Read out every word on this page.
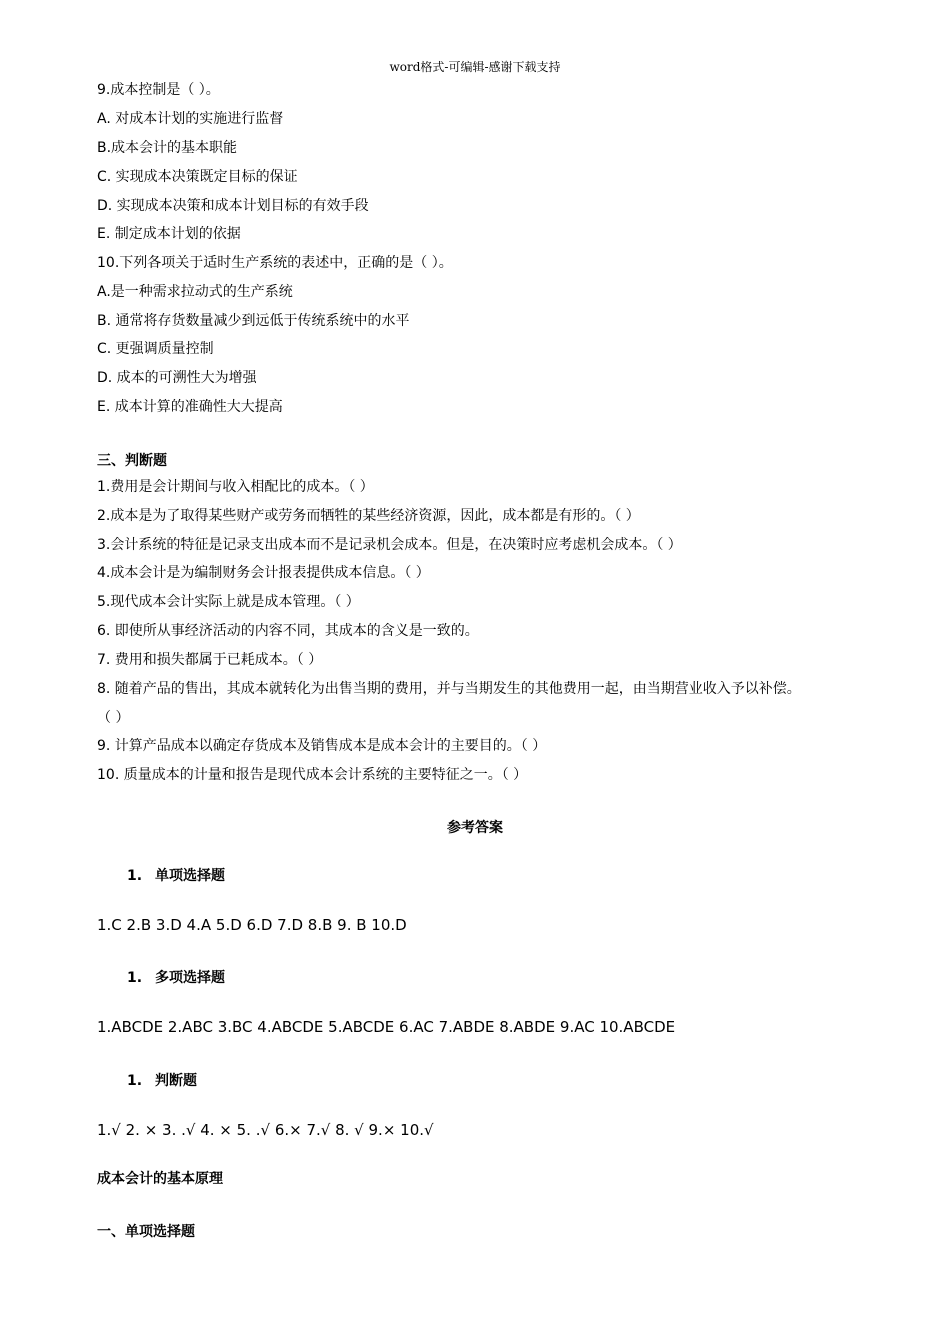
word格式-可编辑-感谢下载支持
9.成本控制是（ ）。
A. 对成本计划的实施进行监督
B.成本会计的基本职能
C. 实现成本决策既定目标的保证
D. 实现成本决策和成本计划目标的有效手段
E. 制定成本计划的依据
10.下列各项关于适时生产系统的表述中，正确的是（ ）。
A.是一种需求拉动式的生产系统
B. 通常将存货数量减少到远低于传统系统中的水平
C. 更强调质量控制
D. 成本的可溯性大为增强
E. 成本计算的准确性大大提高
三、判断题
1.费用是会计期间与收入相配比的成本。（ ）
2.成本是为了取得某些财产或劳务而牺牲的某些经济资源，因此，成本都是有形的。（ ）
3.会计系统的特征是记录支出成本而不是记录机会成本。但是，在决策时应考虑机会成本。（ ）
4.成本会计是为编制财务会计报表提供成本信息。（ ）
5.现代成本会计实际上就是成本管理。（ ）
6. 即使所从事经济活动的内容不同，其成本的含义是一致的。
7. 费用和损失都属于已耗成本。（ ）
8. 随着产品的售出，其成本就转化为出售当期的费用，并与当期发生的其他费用一起，由当期营业收入予以补偿。
（ ）
9. 计算产品成本以确定存货成本及销售成本是成本会计的主要目的。（ ）
10. 质量成本的计量和报告是现代成本会计系统的主要特征之一。（ ）
参考答案
1. 单项选择题
1.C 2.B 3.D 4.A 5.D 6.D 7.D 8.B 9. B 10.D
1. 多项选择题
1.ABCDE 2.ABC 3.BC 4.ABCDE 5.ABCDE 6.AC 7.ABDE 8.ABDE 9.AC 10.ABCDE
1. 判断题
1.√ 2. × 3. .√ 4. × 5. .√ 6.× 7.√ 8. √ 9.× 10.√
成本会计的基本原理
一、单项选择题
